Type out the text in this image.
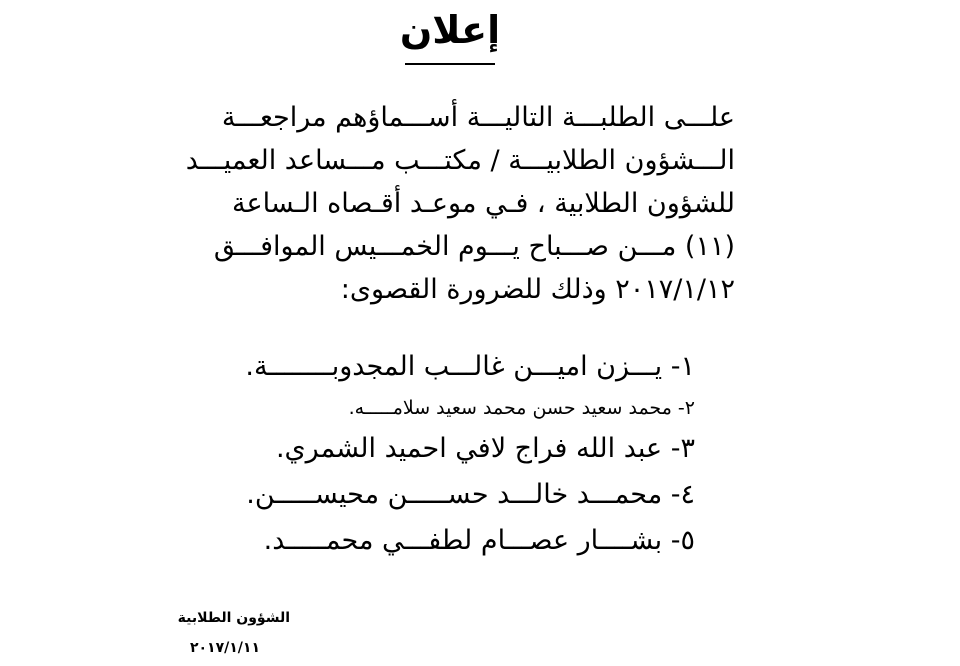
إعلان
علـــى الطلبـــة التاليـــة أســـماؤهم مراجعـــة
الـــشؤون الطلابيـــة / مكتـــب مـــساعد العميـــد
للشؤون الطلابية ، فـي موعـد أقـصاه الـساعة
(١١) مـــن صـــباح يـــوم الخمـــيس الموافـــق
٢٠١٧/١/١٢ وذلك للضرورة القصوى:
١- يـــزن اميـــن غالـــب المجدوبــــــــة.
٢- محمد سعيد حسن محمد سعيد سلامـــــه.
٣- عبد الله فراج لافي احميد الشمري.
٤- محمـــد خالـــد حســـــن محيســـــن.
٥- بشــــار عصـــام لطفـــي محمـــــد.
الشؤون الطلابية
٢٠١٧/١/١١
